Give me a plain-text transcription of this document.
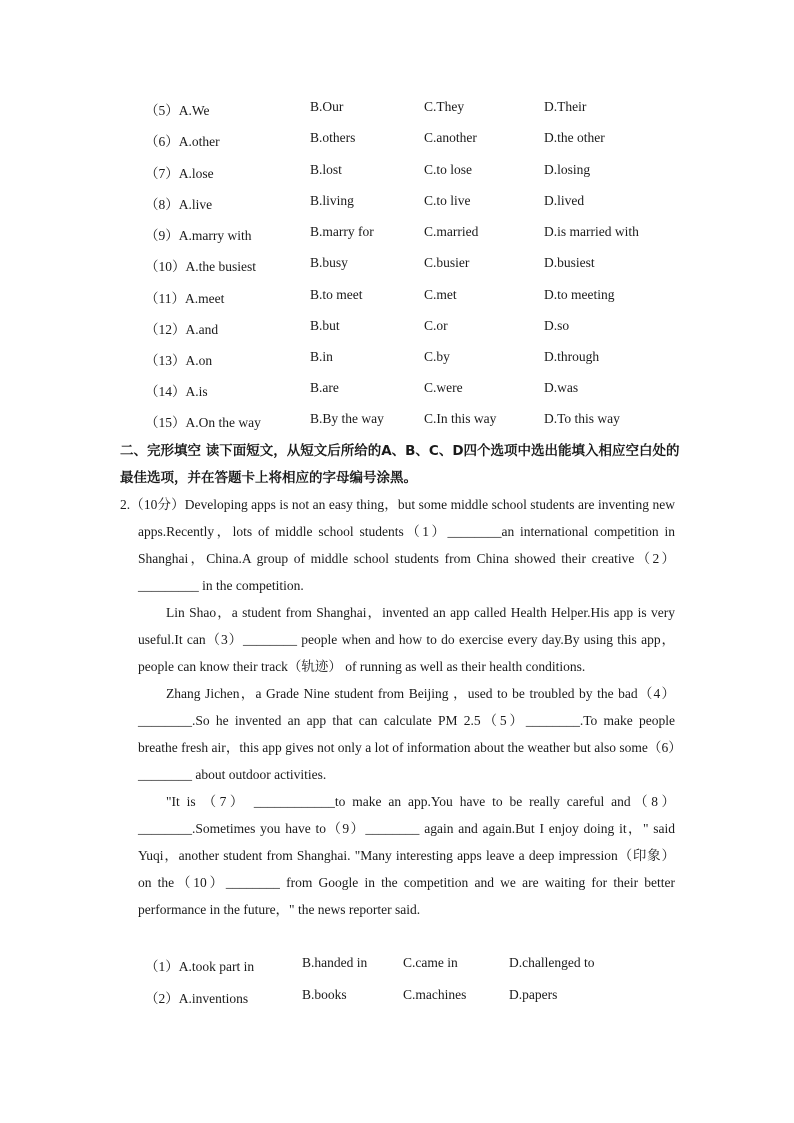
（5）A.We	B.Our	C.They	D.Their
（6）A.other	B.others	C.another	D.the other
（7）A.lose	B.lost	C.to lose	D.losing
（8）A.live	B.living	C.to live	D.lived
（9）A.marry with	B.marry for	C.married	D.is married with
（10）A.the busiest	B.busy	C.busier	D.busiest
（11）A.meet	B.to meet	C.met	D.to meeting
（12）A.and	B.but	C.or	D.so
（13）A.on	B.in	C.by	D.through
（14）A.is	B.are	C.were	D.was
（15）A.On the way	B.By the way	C.In this way	D.To this way
二、完形填空 读下面短文，从短文后所给的A、B、C、D四个选项中选出能填入相应空白处的最佳选项，并在答题卡上将相应的字母编号涂黑。

2.（10分）Developing apps is not an easy thing，but some middle school students are inventing new apps.Recently，lots of middle school students（1）________an international competition in Shanghai，China.A group of middle school students from China showed their creative（2）_________ in the competition.

Lin Shao，a student from Shanghai，invented an app called Health Helper.His app is very useful.It can（3）________ people when and how to do exercise every day.By using this app，people can know their track（轨迹） of running as well as their health conditions.

Zhang Jichen，a Grade Nine student from Beijing ，used to be troubled by the bad（4）________.So he invented an app that can calculate PM 2.5（5）________.To make people breathe fresh air，this app gives not only a lot of information about the weather but also some（6）________ about outdoor activities.

"It is （7） ____________to make an app.You have to be really careful and（8）________.Sometimes you have to（9）________ again and again.But I enjoy doing it，" said Yuqi，another student from Shanghai. "Many interesting apps leave a deep impression（印象）on the（10）________ from Google in the competition and we are waiting for their better performance in the future，" the news reporter said.

（1）A.took part in	B.handed in	C.came in	D.challenged to
（2）A.inventions	B.books	C.machines	D.papers
